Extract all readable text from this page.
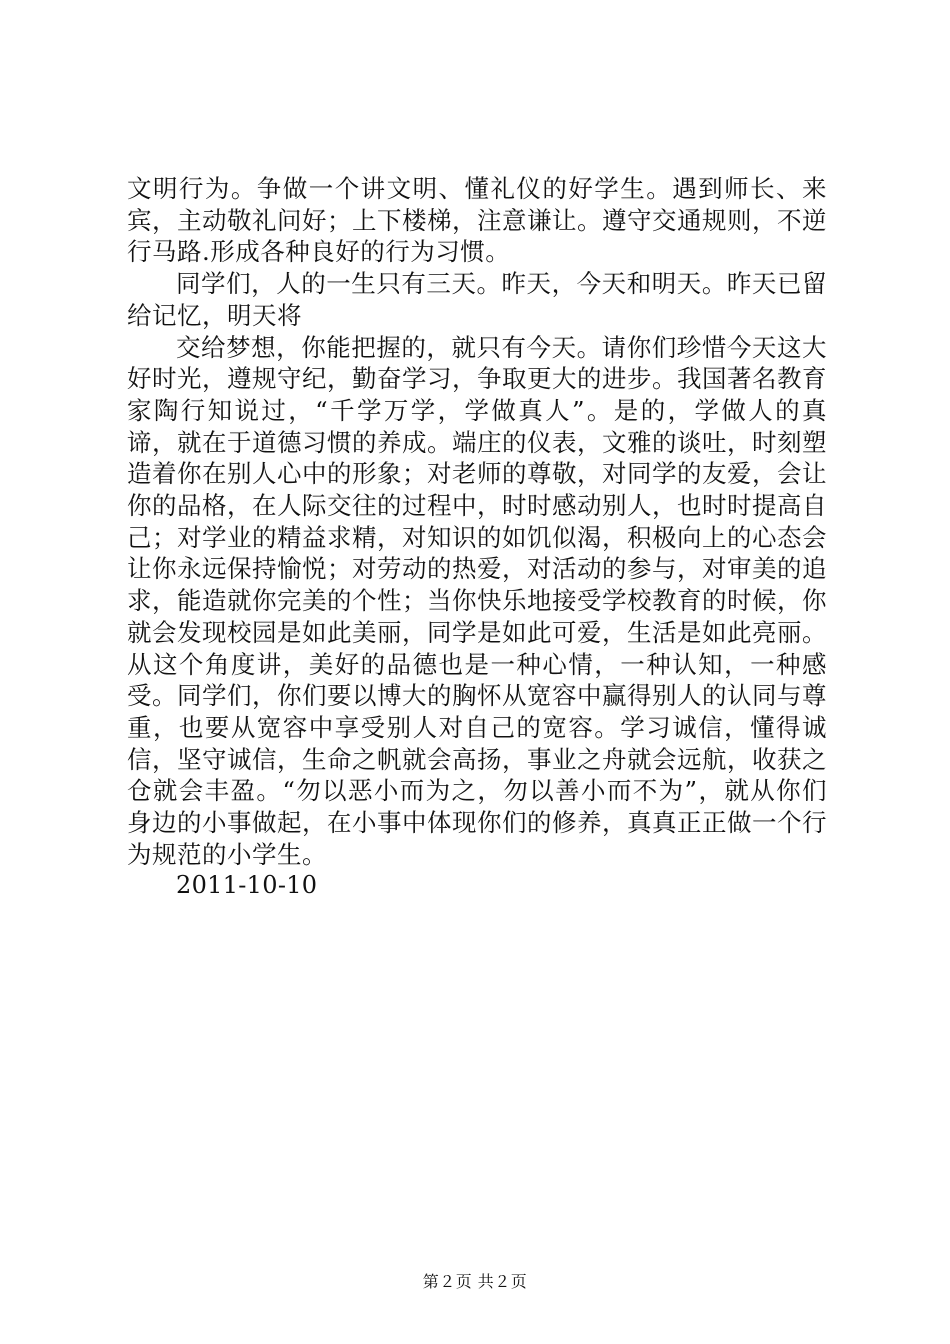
文明行为。争做一个讲文明、懂礼仪的好学生。遇到师长、来宾，主动敬礼问好；上下楼梯，注意谦让。遵守交通规则，不逆行马路.形成各种良好的行为习惯。

同学们，人的一生只有三天。昨天，今天和明天。昨天已留给记忆，明天将

交给梦想，你能把握的，就只有今天。请你们珍惜今天这大好时光，遵规守纪，勤奋学习，争取更大的进步。我国著名教育家陶行知说过，“千学万学，学做真人”。是的，学做人的真谛，就在于道德习惯的养成。端庄的仪表，文雅的谈吐，时刻塑造着你在别人心中的形象；对老师的尊敬，对同学的友爱，会让你的品格，在人际交往的过程中，时时感动别人，也时时提高自己；对学业的精益求精，对知识的如饥似渴，积极向上的心态会让你永远保持愉悦；对劳动的热爱，对活动的参与，对审美的追求，能造就你完美的个性；当你快乐地接受学校教育的时候，你就会发现校园是如此美丽，同学是如此可爱，生活是如此亮丽。从这个角度讲，美好的品德也是一种心情，一种认知，一种感受。同学们，你们要以博大的胸怀从宽容中赢得别人的认同与尊重，也要从宽容中享受别人对自己的宽容。学习诚信，懂得诚信，坚守诚信，生命之帆就会高扬，事业之舟就会远航，收获之仓就会丰盈。“勿以恶小而为之，勿以善小而不为”，就从你们身边的小事做起，在小事中体现你们的修养，真真正正做一个行为规范的小学生。

2011-10-10

第２页 共２页
